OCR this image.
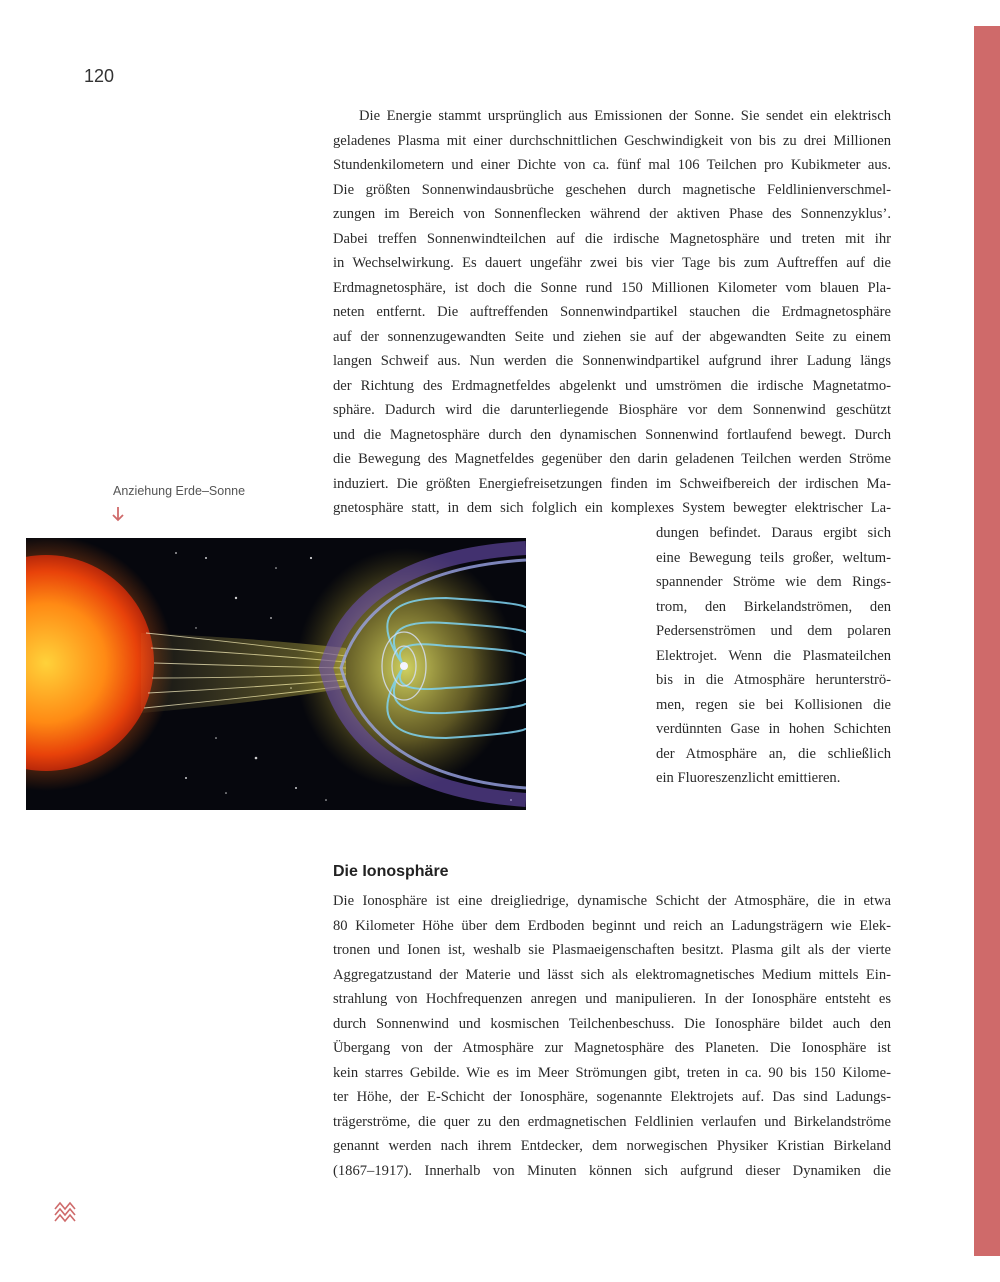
120
Die Energie stammt ursprünglich aus Emissionen der Sonne. Sie sendet ein elektrisch
geladenes Plasma mit einer durchschnittlichen Geschwindigkeit von bis zu drei Millionen
Stundenkilometern und einer Dichte von ca. fünf mal 106 Teilchen pro Kubikmeter aus.
Die größten Sonnenwindausbrüche geschehen durch magnetische Feldlinienverschmel-
zungen im Bereich von Sonnenflecken während der aktiven Phase des Sonnenzyklus’.
Dabei treffen Sonnenwindteilchen auf die irdische Magnetosphäre und treten mit ihr
in Wechselwirkung. Es dauert ungefähr zwei bis vier Tage bis zum Auftreffen auf die
Erdmagnetosphäre, ist doch die Sonne rund 150 Millionen Kilometer vom blauen Pla-
neten entfernt. Die auftreffenden Sonnenwindpartikel stauchen die Erdmagnetosphäre
auf der sonnenzugewandten Seite und ziehen sie auf der abgewandten Seite zu einem
langen Schweif aus. Nun werden die Sonnenwindpartikel aufgrund ihrer Ladung längs
der Richtung des Erdmagnetfeldes abgelenkt und umströmen die irdische Magnetatmo-
sphäre. Dadurch wird die darunterliegende Biosphäre vor dem Sonnenwind geschützt
und die Magnetosphäre durch den dynamischen Sonnenwind fortlaufend bewegt. Durch
die Bewegung des Magnetfeldes gegenüber den darin geladenen Teilchen werden Ströme
induziert. Die größten Energiefreisetzungen finden im Schweifbereich der irdischen Ma-
gnetosphäre statt, in dem sich folglich ein komplexes System bewegter elektrischer La-
dungen befindet. Daraus ergibt sich
eine Bewegung teils großer, weltum-
spannender Ströme wie dem Rings-
trom, den Birkelandströmen, den
Pedersenströmen und dem polaren
Elektrojet. Wenn die Plasmateilchen
bis in die Atmosphäre herunterströ-
men, regen sie bei Kollisionen die
verdünnten Gase in hohen Schichten
der Atmosphäre an, die schließlich
ein Fluoreszenzlicht emittieren.
Anziehung Erde–Sonne
Die Ionosphäre
Die Ionosphäre ist eine dreigliedrige, dynamische Schicht der Atmosphäre, die in etwa
80 Kilometer Höhe über dem Erdboden beginnt und reich an Ladungsträgern wie Elek-
tronen und Ionen ist, weshalb sie Plasmaeigenschaften besitzt. Plasma gilt als der vierte
Aggregatzustand der Materie und lässt sich als elektromagnetisches Medium mittels Ein-
strahlung von Hochfrequenzen anregen und manipulieren. In der Ionosphäre entsteht es
durch Sonnenwind und kosmischen Teilchenbeschuss. Die Ionosphäre bildet auch den
Übergang von der Atmosphäre zur Magnetosphäre des Planeten. Die Ionosphäre ist
kein starres Gebilde. Wie es im Meer Strömungen gibt, treten in ca. 90 bis 150 Kilome-
ter Höhe, der E-Schicht der Ionosphäre, sogenannte Elektrojets auf. Das sind Ladungs-
trägerströme, die quer zu den erdmagnetischen Feldlinien verlaufen und Birkelandströme
genannt werden nach ihrem Entdecker, dem norwegischen Physiker Kristian Birkeland
(1867–1917). Innerhalb von Minuten können sich aufgrund dieser Dynamiken die
